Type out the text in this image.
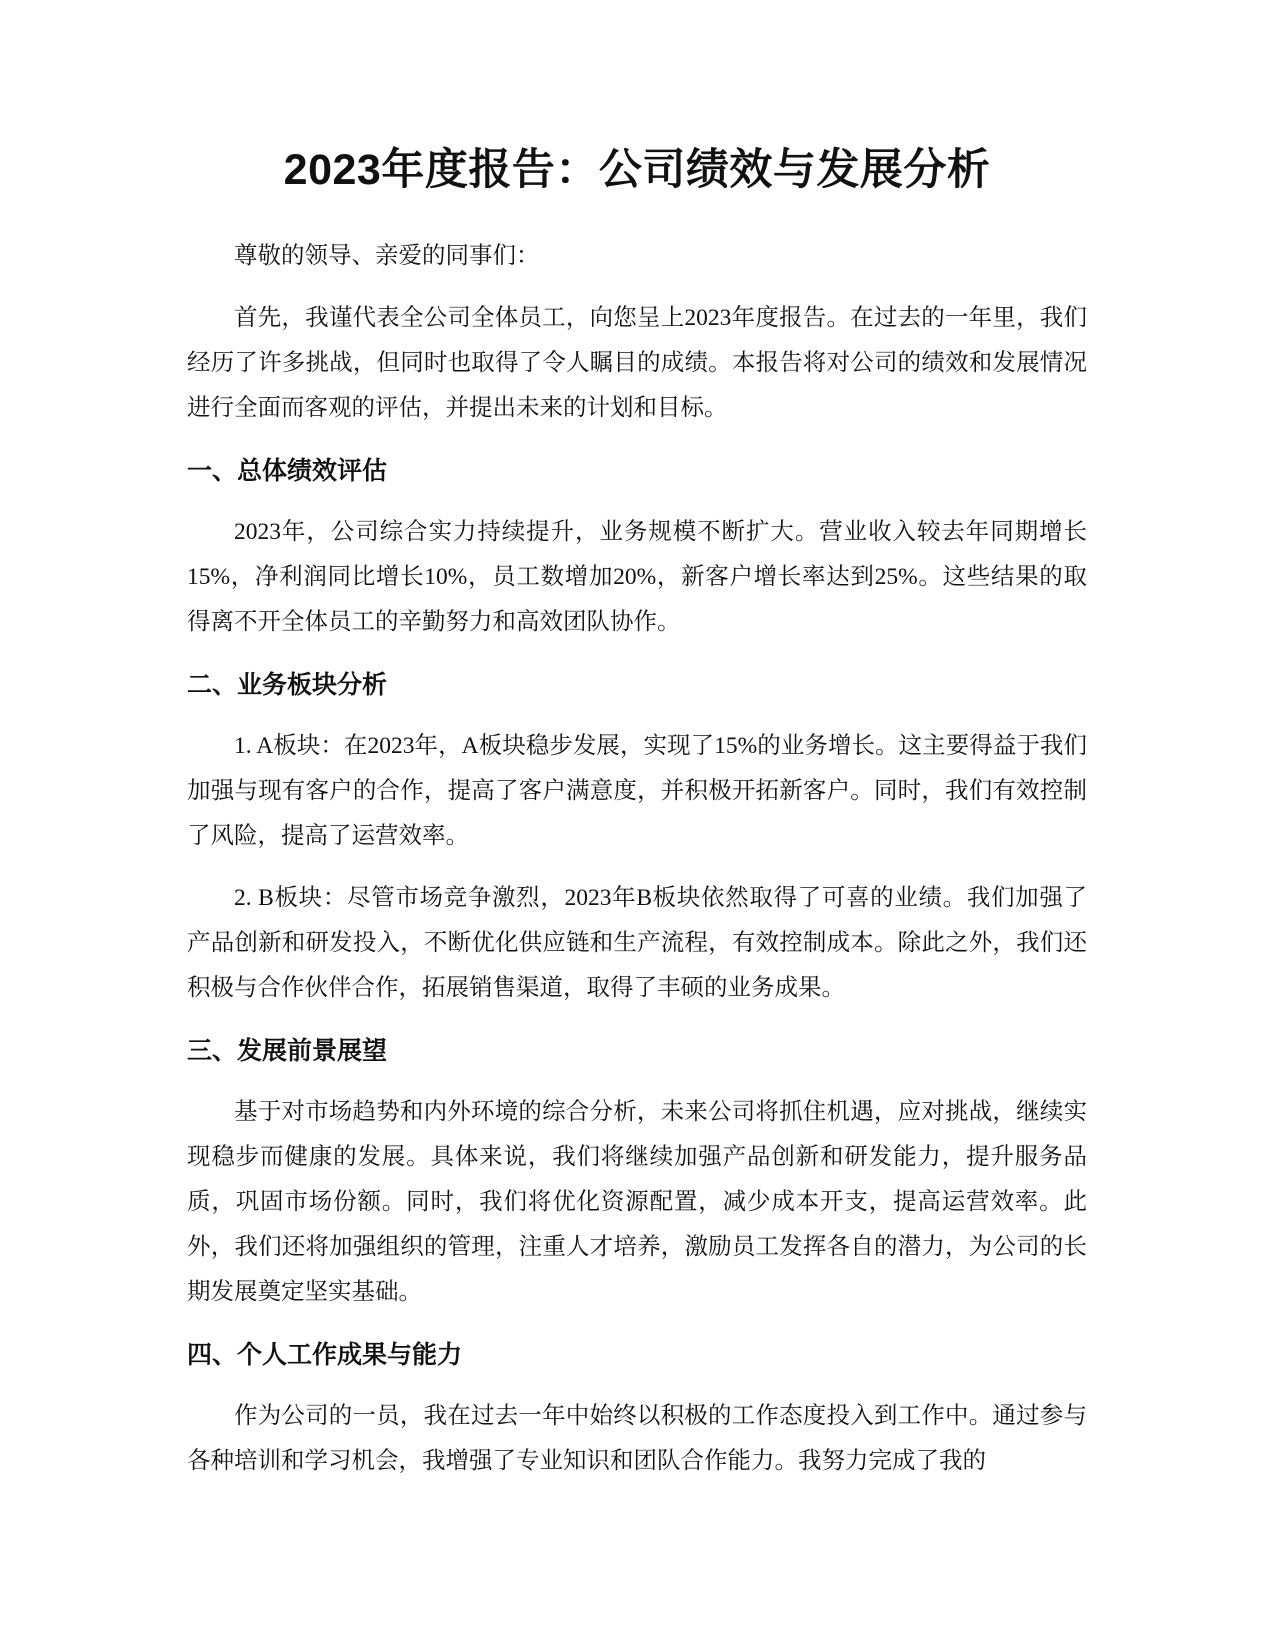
2023年度报告：公司绩效与发展分析

尊敬的领导、亲爱的同事们：

首先，我谨代表全公司全体员工，向您呈上2023年度报告。在过去的一年里，我们经历了许多挑战，但同时也取得了令人瞩目的成绩。本报告将对公司的绩效和发展情况进行全面而客观的评估，并提出未来的计划和目标。

一、总体绩效评估

2023年，公司综合实力持续提升，业务规模不断扩大。营业收入较去年同期增长15%，净利润同比增长10%，员工数增加20%，新客户增长率达到25%。这些结果的取得离不开全体员工的辛勤努力和高效团队协作。

二、业务板块分析

1. A板块：在2023年，A板块稳步发展，实现了15%的业务增长。这主要得益于我们加强与现有客户的合作，提高了客户满意度，并积极开拓新客户。同时，我们有效控制了风险，提高了运营效率。

2. B板块：尽管市场竞争激烈，2023年B板块依然取得了可喜的业绩。我们加强了产品创新和研发投入，不断优化供应链和生产流程，有效控制成本。除此之外，我们还积极与合作伙伴合作，拓展销售渠道，取得了丰硕的业务成果。

三、发展前景展望

基于对市场趋势和内外环境的综合分析，未来公司将抓住机遇，应对挑战，继续实现稳步而健康的发展。具体来说，我们将继续加强产品创新和研发能力，提升服务品质，巩固市场份额。同时，我们将优化资源配置，减少成本开支，提高运营效率。此外，我们还将加强组织的管理，注重人才培养，激励员工发挥各自的潜力，为公司的长期发展奠定坚实基础。

四、个人工作成果与能力

作为公司的一员，我在过去一年中始终以积极的工作态度投入到工作中。通过参与各种培训和学习机会，我增强了专业知识和团队合作能力。我努力完成了我的
